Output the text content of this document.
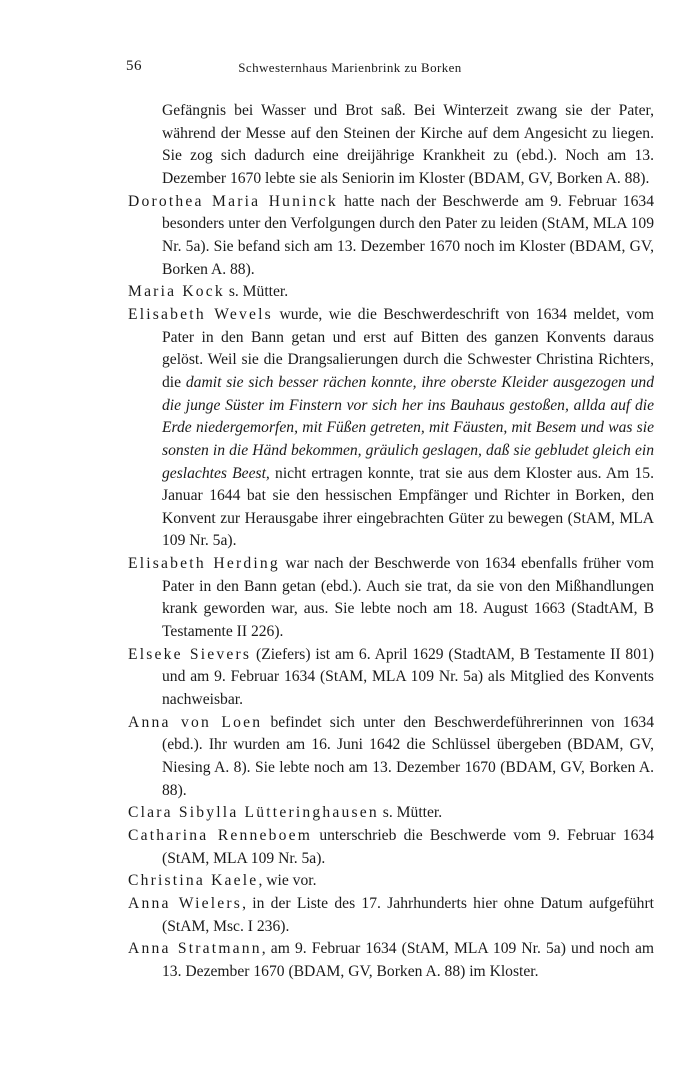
56	Schwesternhaus Marienbrink zu Borken

Gefängnis bei Wasser und Brot saß. Bei Winterzeit zwang sie der Pater, während der Messe auf den Steinen der Kirche auf dem Angesicht zu liegen. Sie zog sich dadurch eine dreijährige Krankheit zu (ebd.). Noch am 13. Dezember 1670 lebte sie als Seniorin im Kloster (BDAM, GV, Borken A. 88).

Dorothea Maria Huninck hatte nach der Beschwerde am 9. Februar 1634 besonders unter den Verfolgungen durch den Pater zu leiden (StAM, MLA 109 Nr. 5a). Sie befand sich am 13. Dezember 1670 noch im Kloster (BDAM, GV, Borken A. 88).

Maria Kock s. Mütter.

Elisabeth Wevels wurde, wie die Beschwerdeschrift von 1634 meldet, vom Pater in den Bann getan und erst auf Bitten des ganzen Konvents daraus gelöst. Weil sie die Drangsalierungen durch die Schwester Christina Richters, die damit sie sich besser rächen konnte, ihre oberste Kleider ausgezogen und die junge Süster im Finstern vor sich her ins Bauhaus gestoßen, allda auf die Erde niedergemorfen, mit Füßen getreten, mit Fäusten, mit Besem und was sie sonsten in die Händ bekommen, gräulich geslagen, daß sie gebludet gleich ein geslachtes Beest, nicht ertragen konnte, trat sie aus dem Kloster aus. Am 15. Januar 1644 bat sie den hessischen Empfänger und Richter in Borken, den Konvent zur Herausgabe ihrer eingebrachten Güter zu bewegen (StAM, MLA 109 Nr. 5a).

Elisabeth Herding war nach der Beschwerde von 1634 ebenfalls früher vom Pater in den Bann getan (ebd.). Auch sie trat, da sie von den Mißhandlungen krank geworden war, aus. Sie lebte noch am 18. August 1663 (StadtAM, B Testamente II 226).

Elseke Sievers (Ziefers) ist am 6. April 1629 (StadtAM, B Testamente II 801) und am 9. Februar 1634 (StAM, MLA 109 Nr. 5a) als Mitglied des Konvents nachweisbar.

Anna von Loen befindet sich unter den Beschwerdeführerinnen von 1634 (ebd.). Ihr wurden am 16. Juni 1642 die Schlüssel übergeben (BDAM, GV, Niesing A. 8). Sie lebte noch am 13. Dezember 1670 (BDAM, GV, Borken A. 88).

Clara Sibylla Lütteringhausen s. Mütter.

Catharina Renneboem unterschrieb die Beschwerde vom 9. Februar 1634 (StAM, MLA 109 Nr. 5a).

Christina Kaele, wie vor.

Anna Wielers, in der Liste des 17. Jahrhunderts hier ohne Datum aufgeführt (StAM, Msc. I 236).

Anna Stratmann, am 9. Februar 1634 (StAM, MLA 109 Nr. 5a) und noch am 13. Dezember 1670 (BDAM, GV, Borken A. 88) im Kloster.
